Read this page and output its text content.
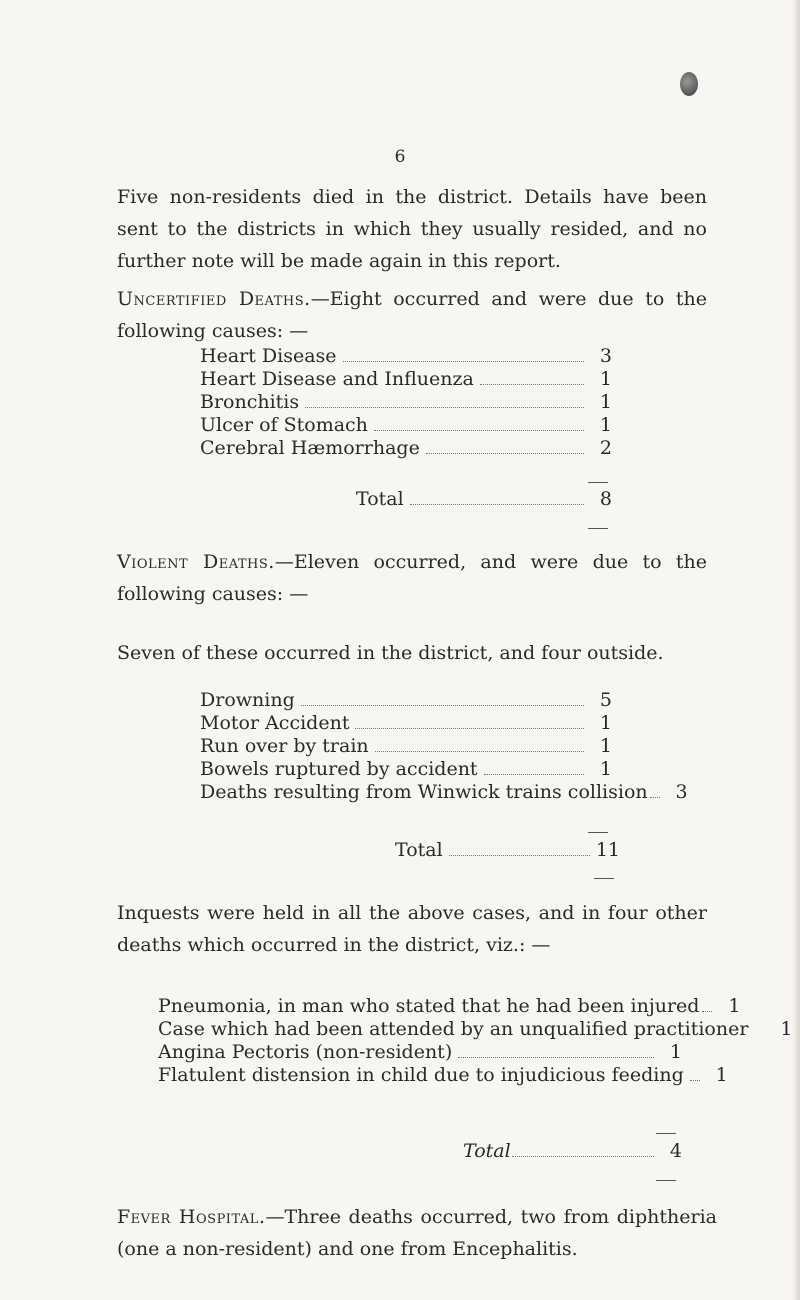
6

Five non-residents died in the district. Details have been sent to the districts in which they usually resided, and no further note will be made again in this report.

Uncertified Deaths.—Eight occurred and were due to the following causes: —

Heart Disease	3
Heart Disease and Influenza	1
Bronchitis	1
Ulcer of Stomach	1
Cerebral Hæmorrhage	2
Total	8

Violent Deaths.—Eleven occurred, and were due to the following causes: —

Seven of these occurred in the district, and four outside.

Drowning	5
Motor Accident	1
Run over by train	1
Bowels ruptured by accident	1
Deaths resulting from Winwick trains collision	3
Total	11

Inquests were held in all the above cases, and in four other deaths which occurred in the district, viz.: —

Pneumonia, in man who stated that he had been injured	1
Case which had been attended by an unqualified practitioner	1
Angina Pectoris (non-resident)	1
Flatulent distension in child due to injudicious feeding	1
Total	4

Fever Hospital.—Three deaths occurred, two from diphtheria (one a non-resident) and one from Encephalitis.
